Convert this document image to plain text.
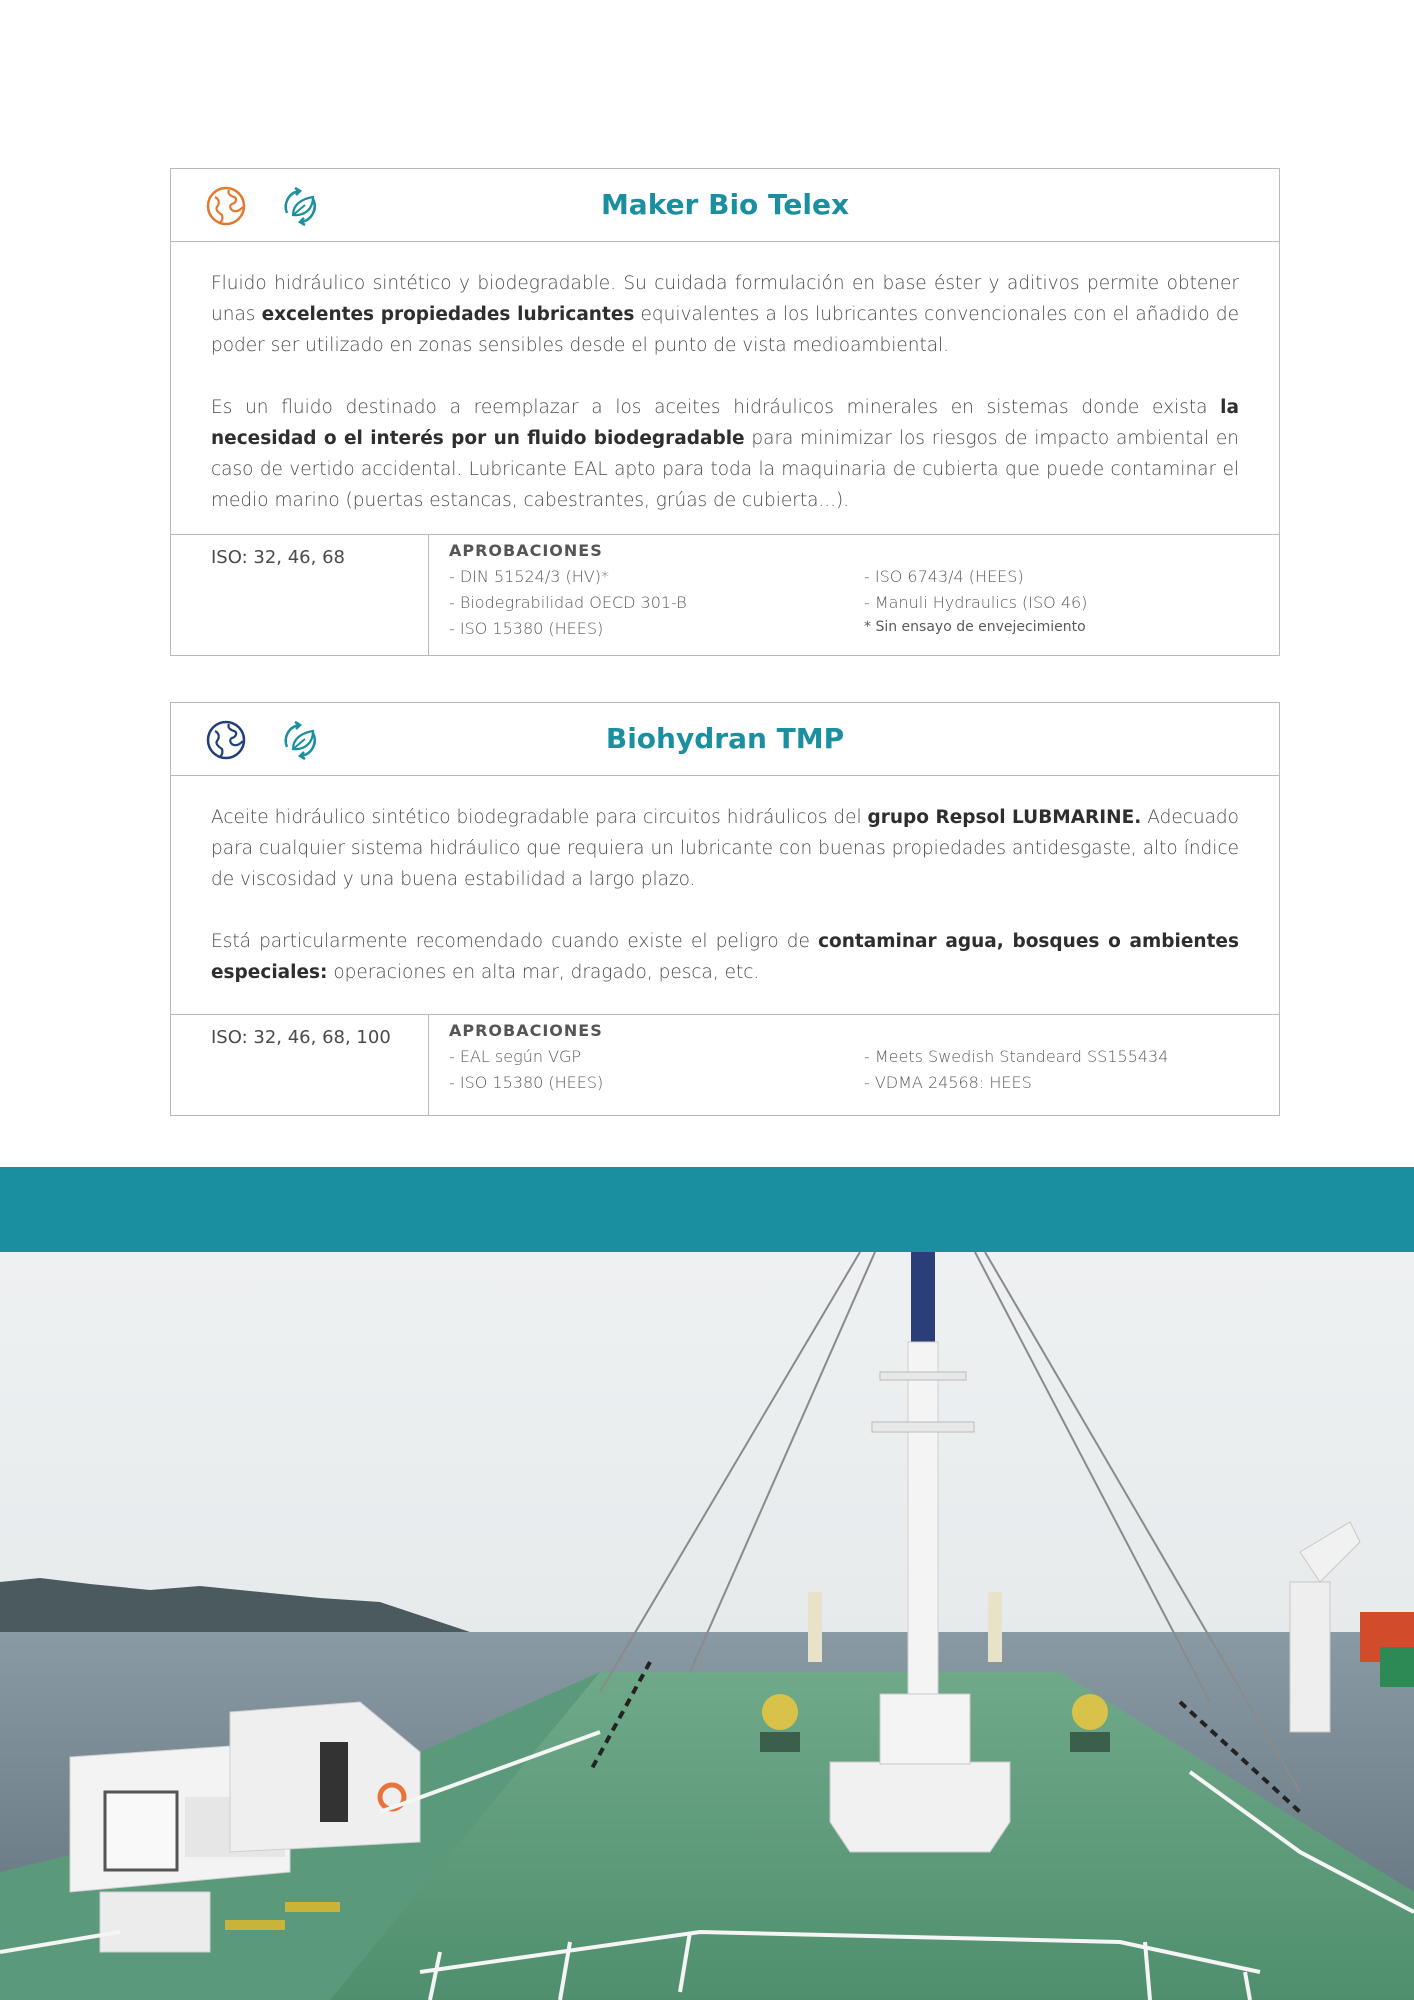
Maker Bio Telex

Fluido hidráulico sintético y biodegradable. Su cuidada formulación en base éster y aditivos permite obtener unas excelentes propiedades lubricantes equivalentes a los lubricantes convencionales con el añadido de poder ser utilizado en zonas sensibles desde el punto de vista medioambiental.

Es un fluido destinado a reemplazar a los aceites hidráulicos minerales en sistemas donde exista la necesidad o el interés por un fluido biodegradable para minimizar los riesgos de impacto ambiental en caso de vertido accidental. Lubricante EAL apto para toda la maquinaria de cubierta que puede contaminar el medio marino (puertas estancas, cabestrantes, grúas de cubierta...).

ISO: 32, 46, 68	APROBACIONES
- DIN 51524/3 (HV)*
- Biodegrabilidad OECD 301-B
- ISO 15380 (HEES)
- ISO 6743/4 (HEES)
- Manuli Hydraulics (ISO 46)
* Sin ensayo de envejecimiento
Biohydran TMP

Aceite hidráulico sintético biodegradable para circuitos hidráulicos del grupo Repsol LUBMARINE. Adecuado para cualquier sistema hidráulico que requiera un lubricante con buenas propiedades antidesgaste, alto índice de viscosidad y una buena estabilidad a largo plazo.

Está particularmente recomendado cuando existe el peligro de contaminar agua, bosques o ambientes especiales: operaciones en alta mar, dragado, pesca, etc.

ISO: 32, 46, 68, 100	APROBACIONES
- EAL según VGP
- ISO 15380 (HEES)
- Meets Swedish Standeard SS155434
- VDMA 24568: HEES
